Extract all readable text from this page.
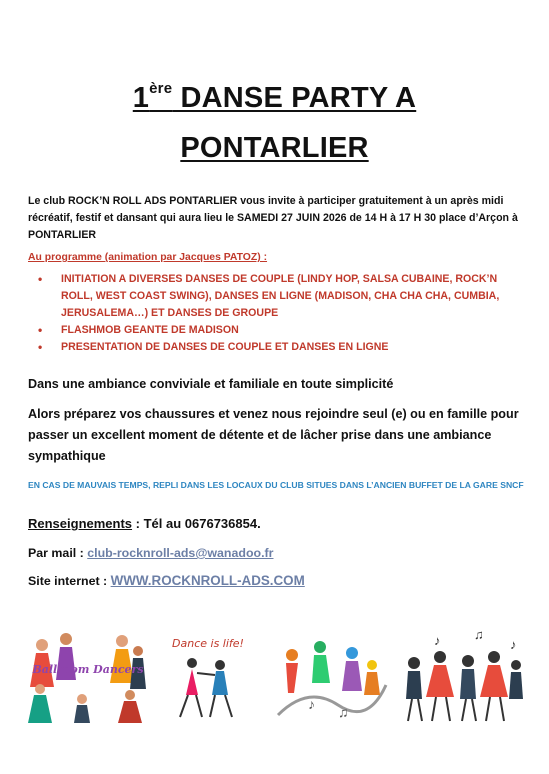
1ère DANSE PARTY A
PONTARLIER
Le club ROCK’N ROLL ADS PONTARLIER vous invite à participer gratuitement à un après midi récréatif, festif et dansant qui aura lieu le SAMEDI 27 JUIN 2026 de 14 H à 17 H 30 place d’Arçon à PONTARLIER
Au programme (animation par Jacques PATOZ) :
• INITIATION A DIVERSES DANSES DE COUPLE (LINDY HOP, SALSA CUBAINE, ROCK’N ROLL, WEST COAST SWING), DANSES EN LIGNE (MADISON, CHA CHA CHA, CUMBIA, JERUSALEMA…) ET DANSES DE GROUPE
• FLASHMOB GEANTE DE MADISON
• PRESENTATION DE DANSES DE COUPLE ET DANSES EN LIGNE
Dans une ambiance conviviale et familiale en toute simplicité
Alors préparez vos chaussures et venez nous rejoindre seul (e) ou en famille pour passer un excellent moment de détente et de lâcher prise dans une ambiance sympathique
EN CAS DE MAUVAIS TEMPS, REPLI DANS LES LOCAUX DU CLUB SITUES DANS L’ANCIEN BUFFET DE LA GARE SNCF
Renseignements : Tél au 0676736854.
Par mail : club-rocknroll-ads@wanadoo.fr
Site internet : WWW.ROCKNROLL-ADS.COM
Ballroom Dancers
Dance is life!
♪ ♫
♪	♫
♪
